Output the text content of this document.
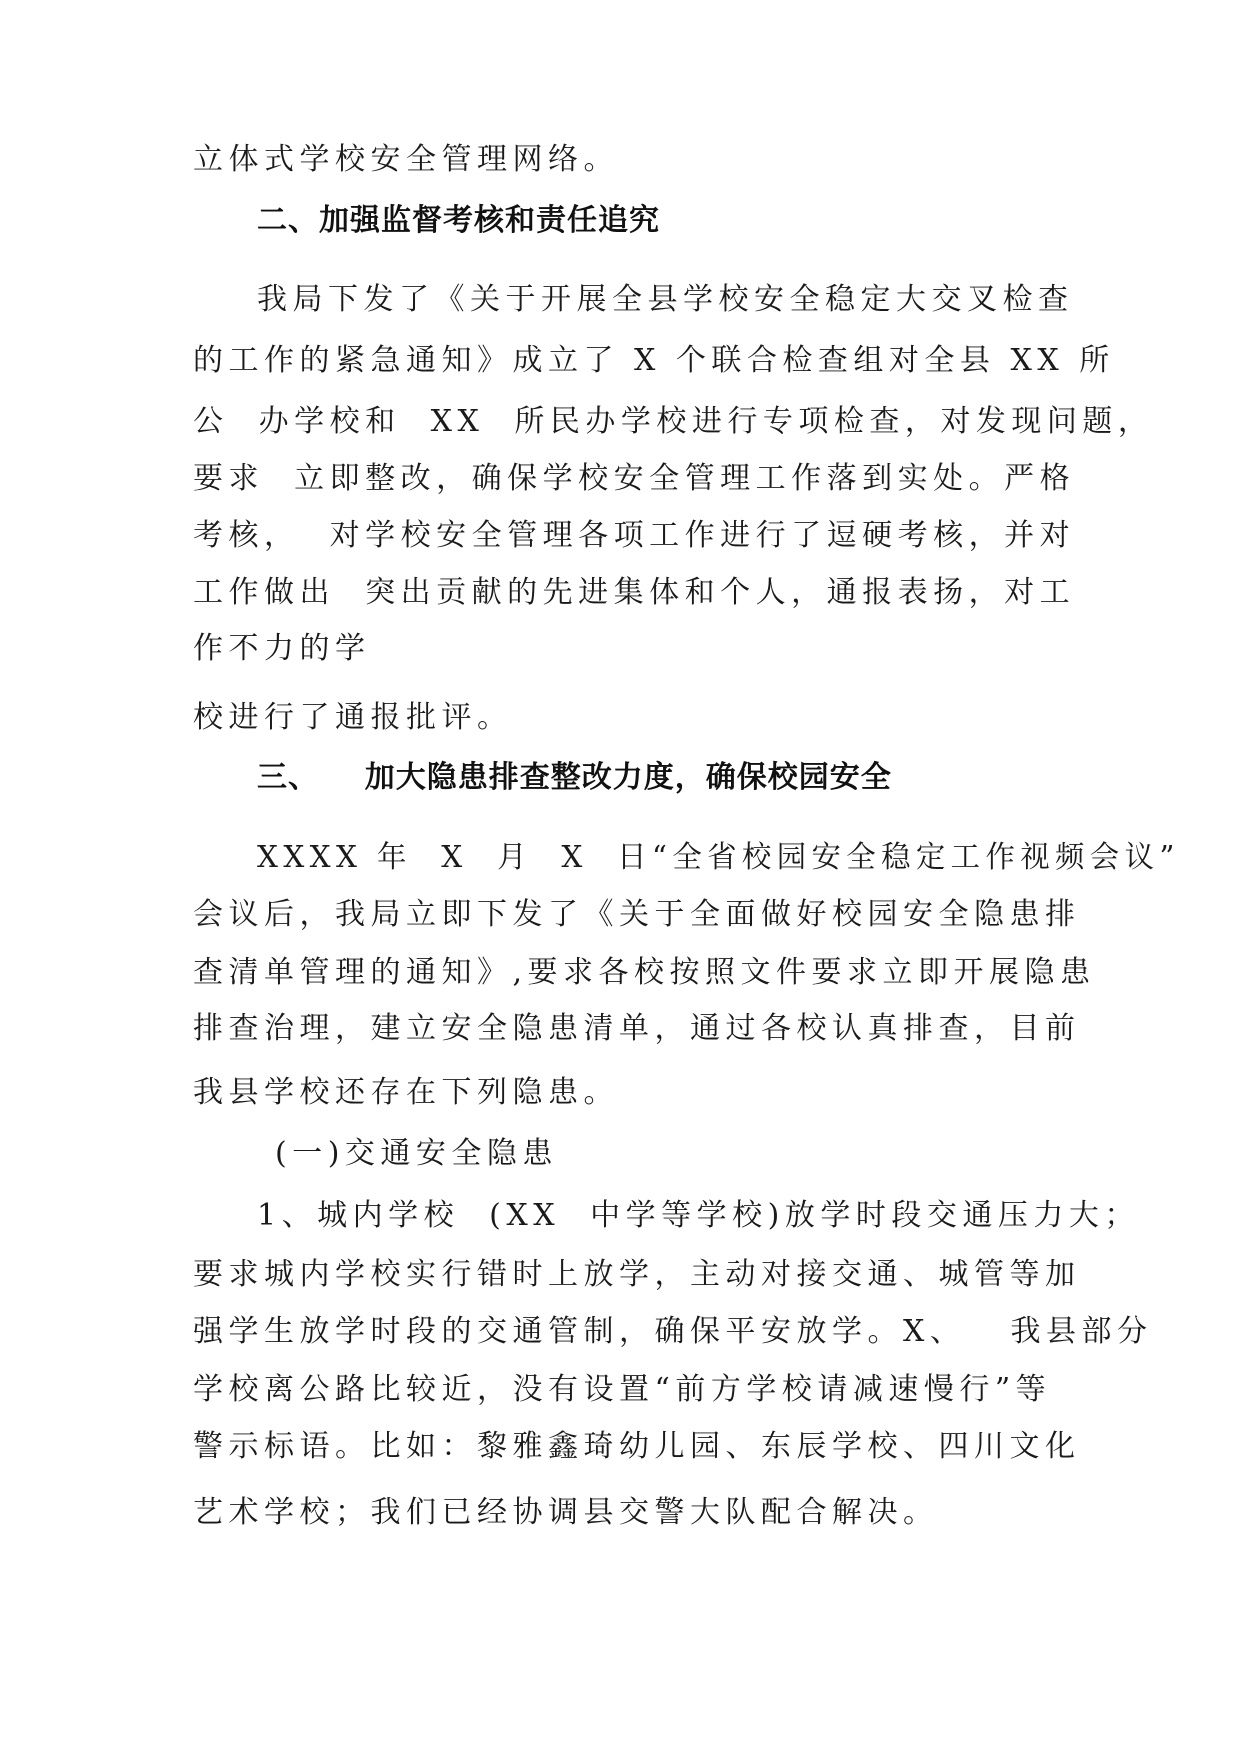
立体式学校安全管理网络。
二、加强监督考核和责任追究
我局下发了《关于开展全县学校安全稳定大交叉检查
的工作的紧急通知》成立了 X 个联合检查组对全县 XX 所
公  办学校和  XX  所民办学校进行专项检查，对发现问题，
要求  立即整改，确保学校安全管理工作落到实处。严格
考核，  对学校安全管理各项工作进行了逗硬考核，并对
工作做出  突出贡献的先进集体和个人，通报表扬，对工
作不力的学
校进行了通报批评。
三、    加大隐患排查整改力度，确保校园安全
XXXX 年  X  月  X  日“全省校园安全稳定工作视频会议”
会议后，我局立即下发了《关于全面做好校园安全隐患排
查清单管理的通知》,要求各校按照文件要求立即开展隐患
排查治理，建立安全隐患清单，通过各校认真排查，目前
我县学校还存在下列隐患。
(一)交通安全隐患
1、城内学校  (XX  中学等学校)放学时段交通压力大；
要求城内学校实行错时上放学，主动对接交通、城管等加
强学生放学时段的交通管制，确保平安放学。X、   我县部分
学校离公路比较近，没有设置“前方学校请减速慢行”等
警示标语。比如：黎雅鑫琦幼儿园、东辰学校、四川文化
艺术学校；我们已经协调县交警大队配合解决。
